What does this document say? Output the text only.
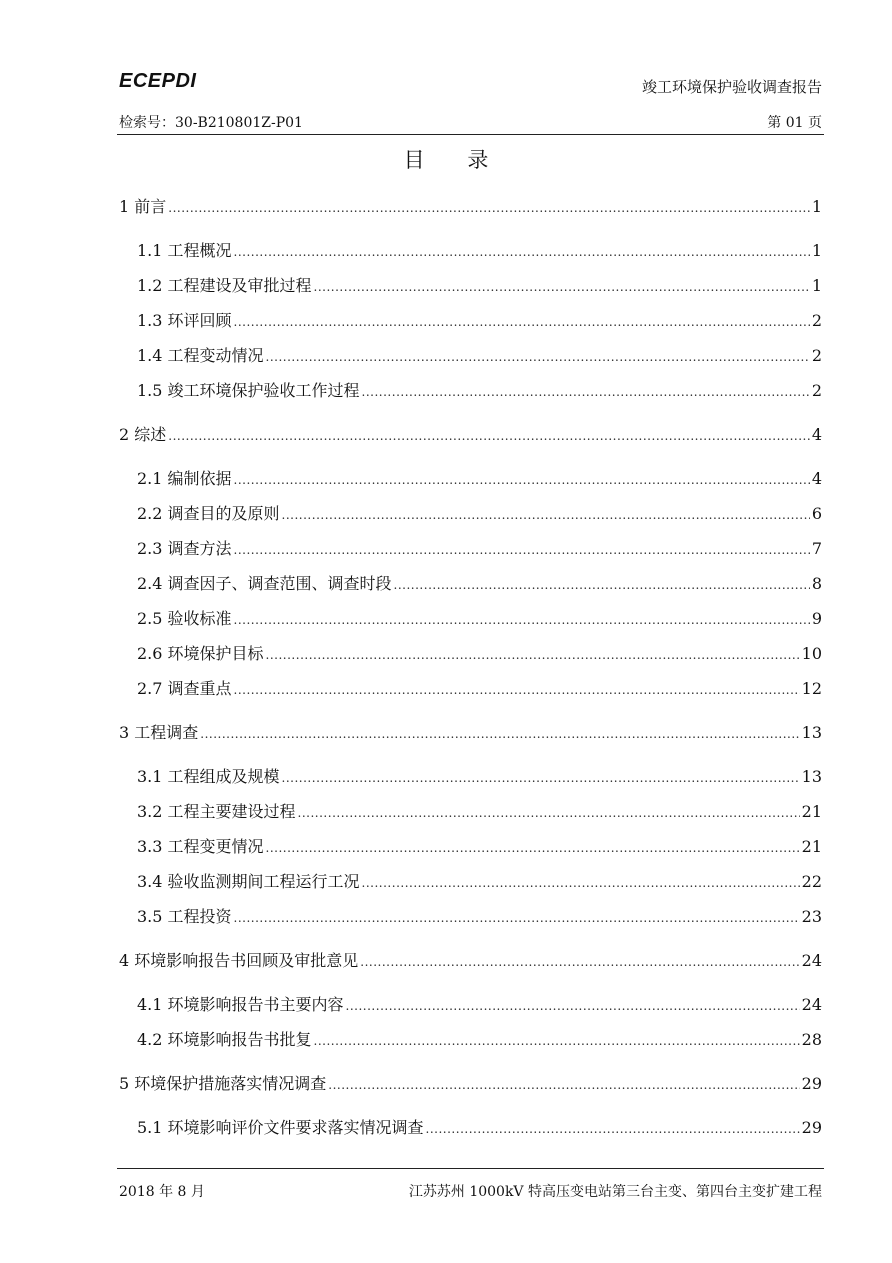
ECEPDI	竣工环境保护验收调查报告
检索号：30-B210801Z-P01	第 01 页
目 录
1 前言 .....	1
1.1 工程概况 .....	1
1.2 工程建设及审批过程 .....	1
1.3 环评回顾 .....	2
1.4 工程变动情况 .....	2
1.5 竣工环境保护验收工作过程 .....	2
2 综述 .....	4
2.1 编制依据 .....	4
2.2 调查目的及原则 .....	6
2.3 调查方法 .....	7
2.4 调查因子、调查范围、调查时段 .....	8
2.5 验收标准 .....	9
2.6 环境保护目标 .....	10
2.7 调查重点 .....	12
3 工程调查 .....	13
3.1 工程组成及规模 .....	13
3.2 工程主要建设过程 .....	21
3.3 工程变更情况 .....	21
3.4 验收监测期间工程运行工况 .....	22
3.5 工程投资 .....	23
4 环境影响报告书回顾及审批意见 .....	24
4.1 环境影响报告书主要内容 .....	24
4.2 环境影响报告书批复 .....	28
5 环境保护措施落实情况调查 .....	29
5.1 环境影响评价文件要求落实情况调查 .....	29
2018 年 8 月	江苏苏州 1000kV 特高压变电站第三台主变、第四台主变扩建工程
